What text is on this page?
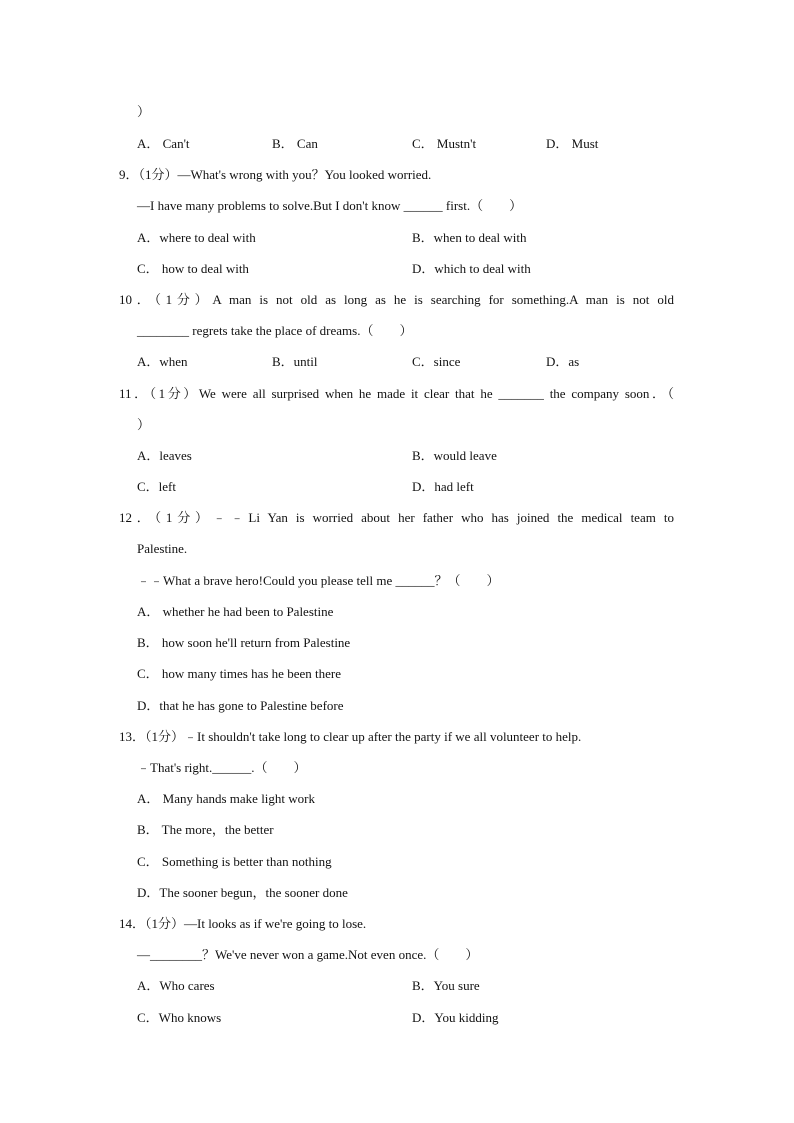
）
A． Can't	B． Can	C． Mustn't	D． Must
9．（1分）—What's wrong with you？You looked worried.
—I have many problems to solve.But I don't know ______ first.（　　）
A．where to deal with	B．when to deal with
C． how to deal with	D．which to deal with
10．（1分）A man is not old as long as he is searching for something.A man is not old
________ regrets take the place of dreams.（　　）
A．when	B．until	C．since	D．as
11．（1分）We were all surprised when he made it clear that he _______ the company soon．（
）
A．leaves	B．would leave
C．left	D．had left
12．（1分）﹣﹣Li Yan is worried about her father who has joined the medical team to
Palestine.
﹣﹣What a brave hero!Could you please tell me ______？（　　）
A． whether he had been to Palestine
B． how soon he'll return from Palestine
C． how many times has he been there
D．that he has gone to Palestine before
13．（1分）﹣It shouldn't take long to clear up after the party if we all volunteer to help.
﹣That's right.______.（　　）
A． Many hands make light work
B． The more，the better
C． Something is better than nothing
D．The sooner begun，the sooner done
14．（1分）—It looks as if we're going to lose.
—________？We've never won a game.Not even once.（　　）
A．Who cares	B．You sure
C．Who knows	D．You kidding
